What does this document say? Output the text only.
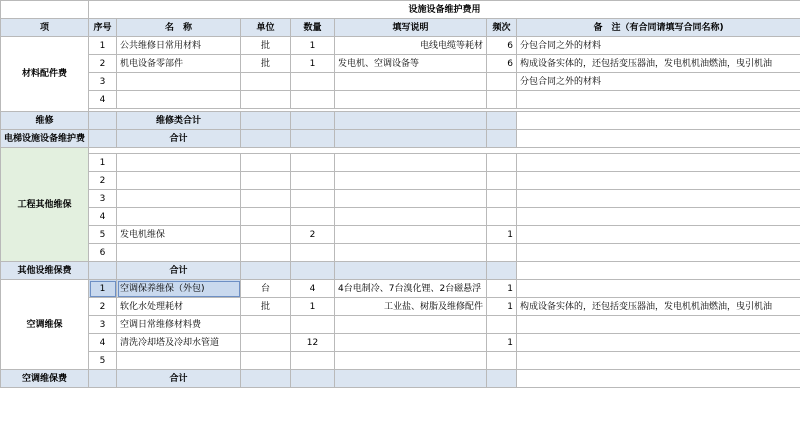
	设施设备维护费用						
项	序号	名　称	单位	数量	填写说明	频次	备　注（有合同请填写合同名称)
材料配件费	1	公共维修日常用材料	批	1	电线电缆等耗材	6	分包合同之外的材料
	2	机电设备零部件	批	1	发电机、空调设备等	6	构成设备实体的，还包括变压器油，发电机机油燃油，曳引机油
	3						分包合同之外的材料
	4						

维修		维修类合计					
电梯设施设备维护费		合计					
工程其他维保							
	1						
	2						
	3						
	4						
	5	发电机维保		2		1	
	6						
其他设维保费		合计					
空调维保	1	空调保养维保（外包)	台	4	4台电制冷、7台溴化锂、2台磁悬浮	1	
	2	软化水处理耗材	批	1	工业盐、树脂及维修配件	1	构成设备实体的，还包括变压器油，发电机机油燃油，曳引机油
	3	空调日常维修材料费					
	4	清洗冷却塔及冷却水管道		12		1	
	5						
空调维保费		合计					
